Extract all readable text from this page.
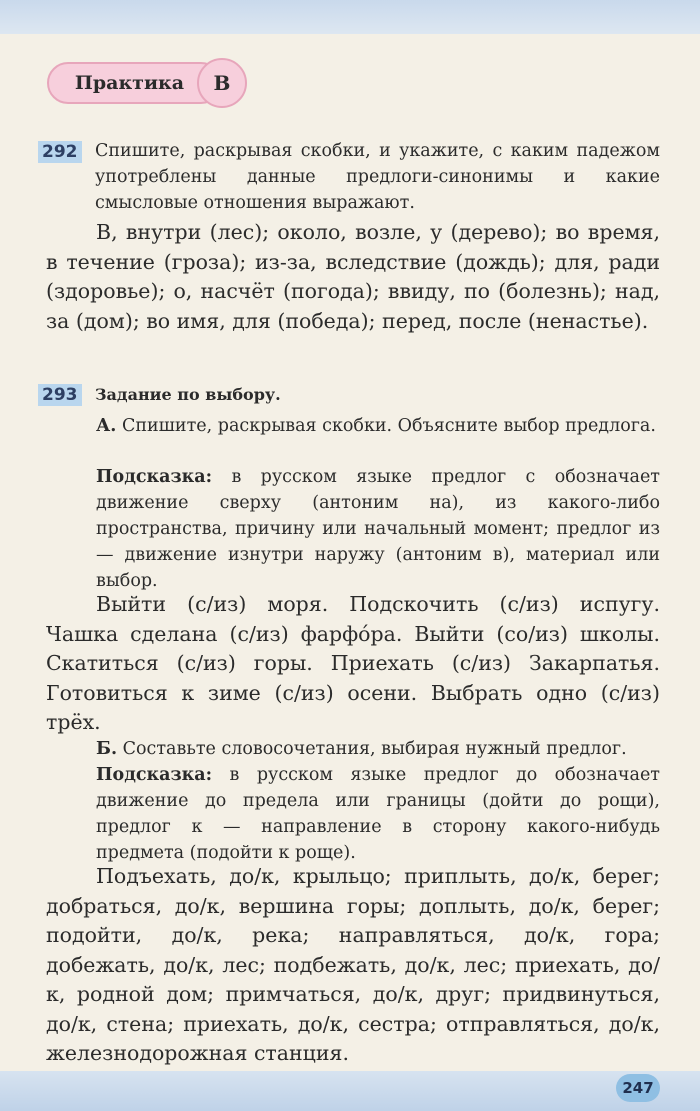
Практика	В
292 Спишите, раскрывая скобки, и укажите, с каким падежом употреблены данные предлоги-синонимы и какие смысловые отношения выражают.
В, внутри (лес); около, возле, у (дерево); во время, в течение (гроза); из-за, вследствие (дождь); для, ради (здоровье); о, насчёт (погода); ввиду, по (болезнь); над, за (дом); во имя, для (победа); перед, после (ненастье).
293 Задание по выбору.
А. Спишите, раскрывая скобки. Объясните выбор предлога.
Подсказка: в русском языке предлог с обозначает движение сверху (антоним на), из какого-либо пространства, причину или начальный момент; предлог из — движение изнутри наружу (антоним в), материал или выбор.
Выйти (с/из) моря. Подскочить (с/из) испугу. Чашка сделана (с/из) фарфóра. Выйти (со/из) школы. Скатиться (с/из) горы. Приехать (с/из) Закарпатья. Готовиться к зиме (с/из) осени. Выбрать одно (с/из) трёх.
Б. Составьте словосочетания, выбирая нужный предлог.
Подсказка: в русском языке предлог до обозначает движение до предела или границы (дойти до рощи), предлог к — направление в сторону какого-нибудь предмета (подойти к роще).
Подъехать, до/к, крыльцо; приплыть, до/к, берег; добраться, до/к, вершина горы; доплыть, до/к, берег; подойти, до/к, река; направляться, до/к, гора; добежать, до/к, лес; подбежать, до/к, лес; приехать, до/к, родной дом; примчаться, до/к, друг; придвинуться, до/к, стена; приехать, до/к, сестра; отправляться, до/к, железнодорожная станция.
247
